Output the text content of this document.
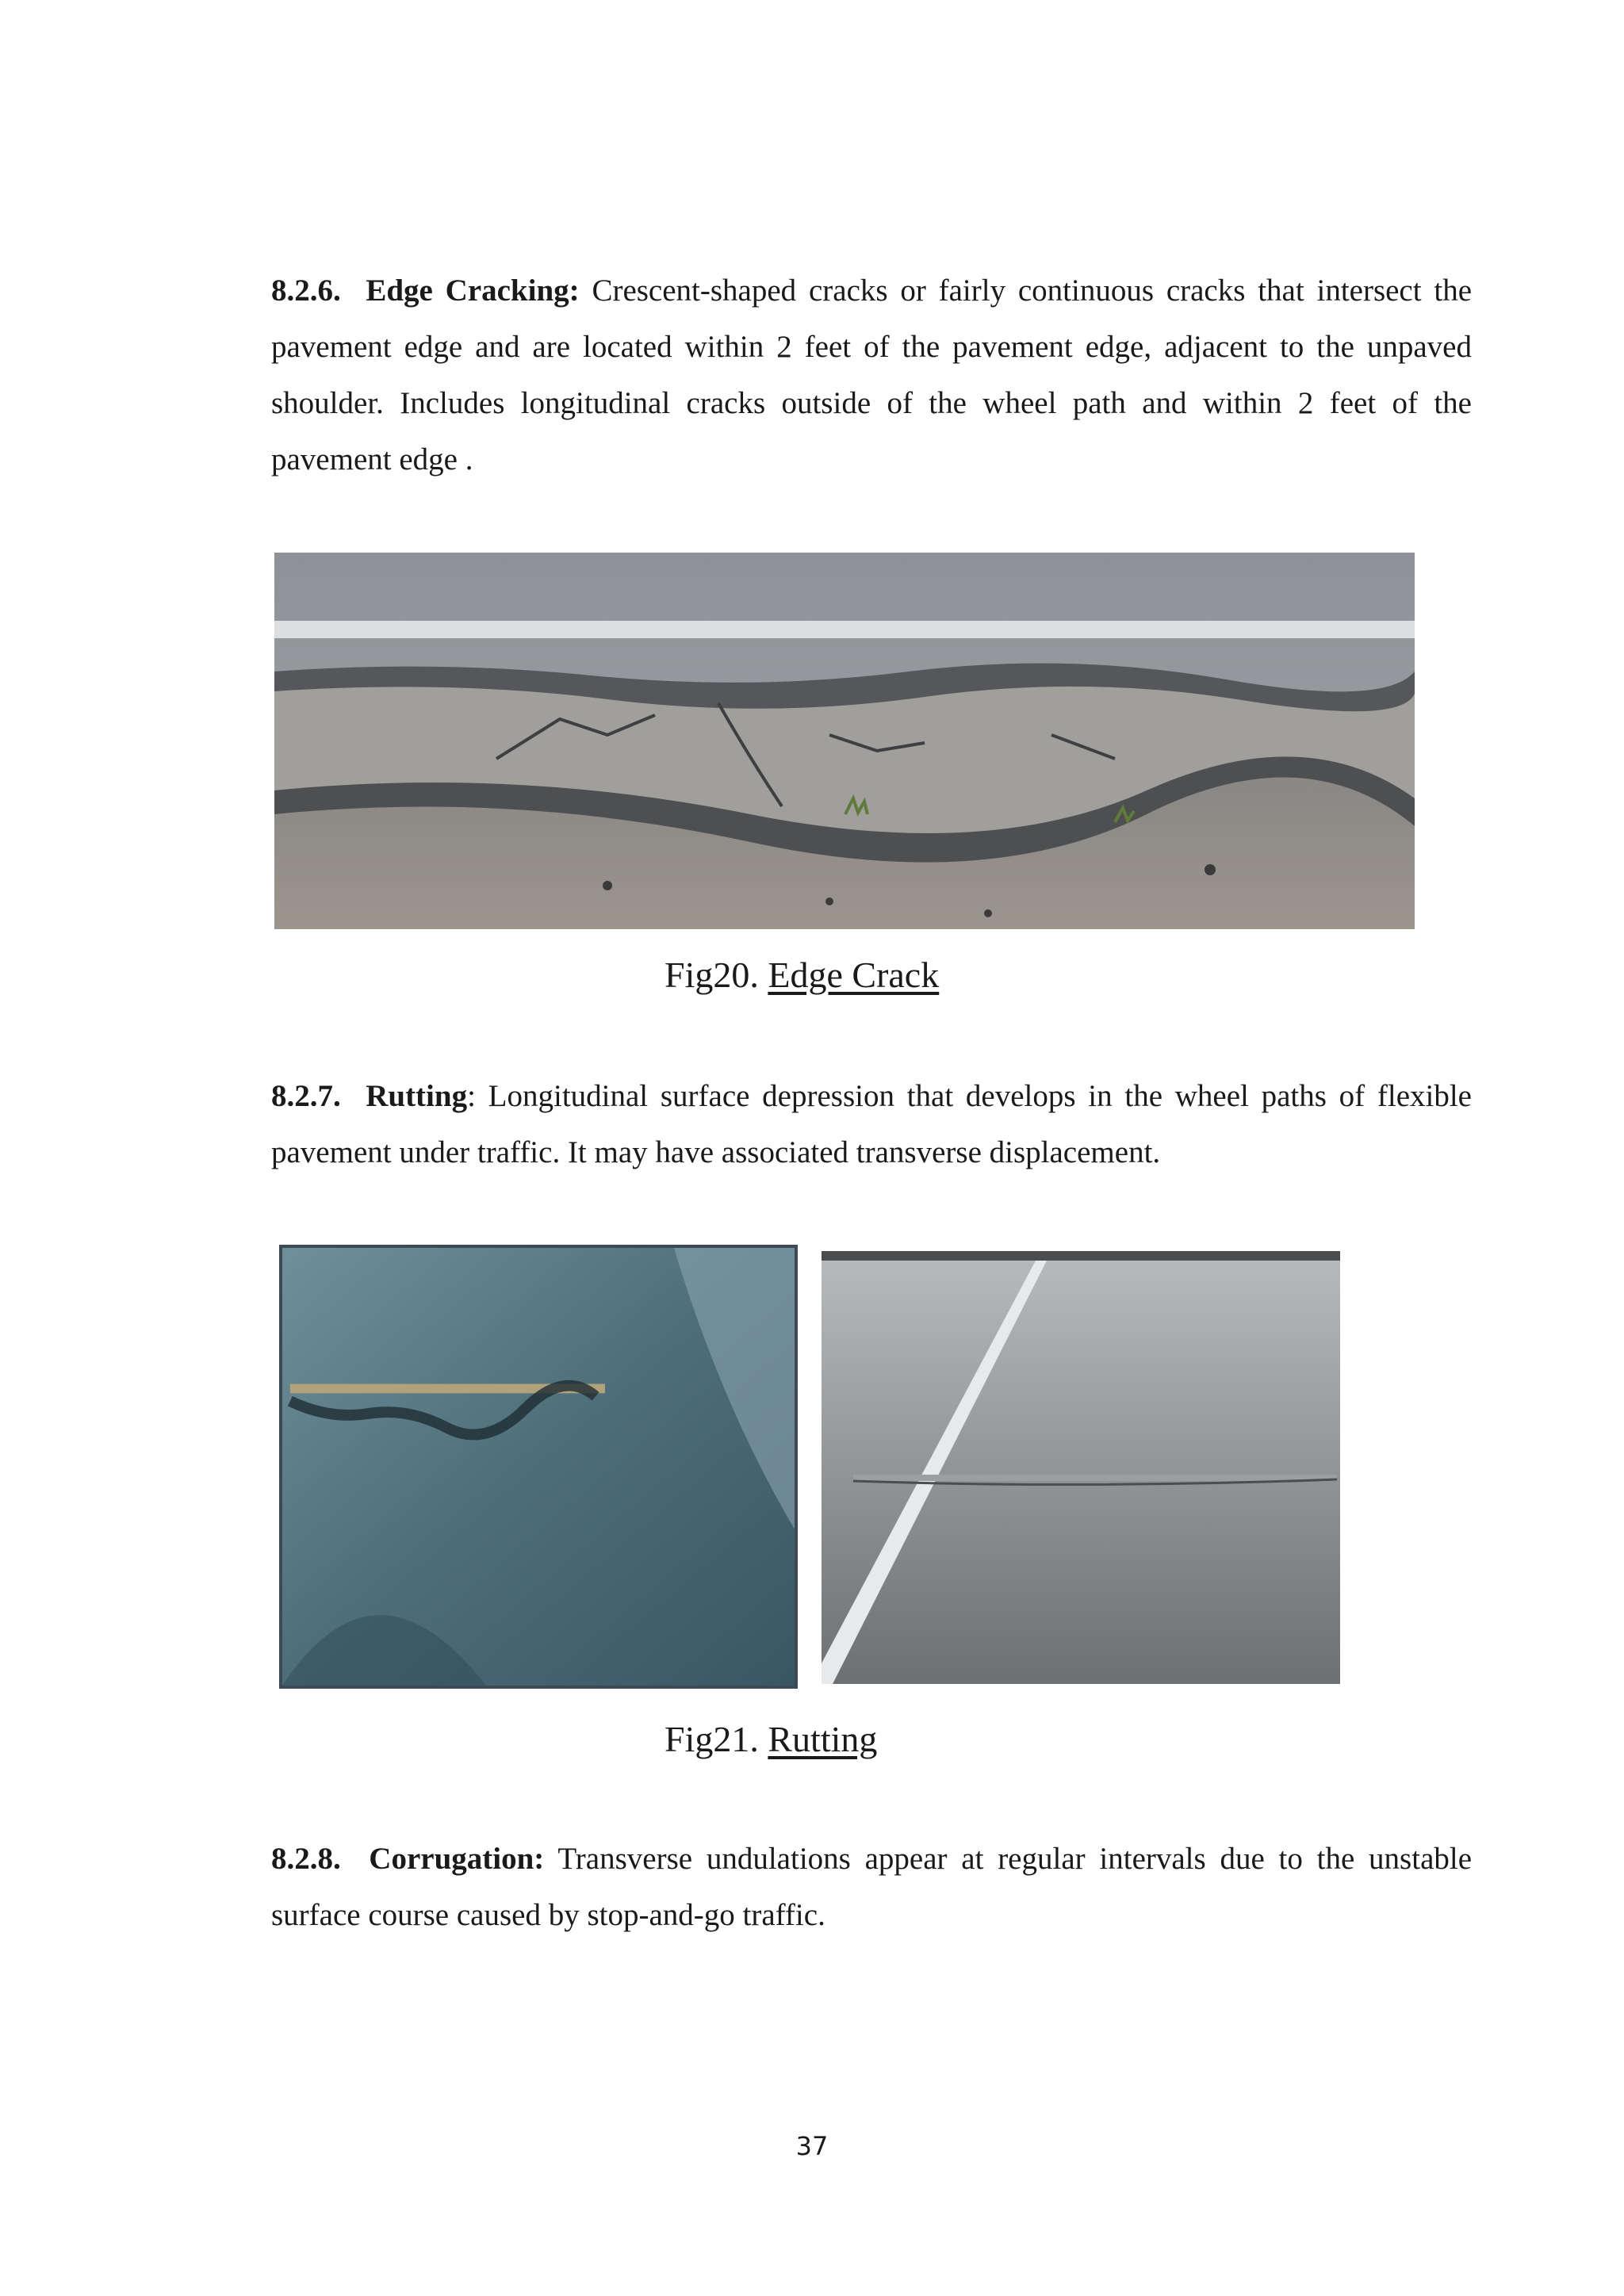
8.2.6. Edge Cracking: Crescent-shaped cracks or fairly continuous cracks that intersect the pavement edge and are located within 2 feet of the pavement edge, adjacent to the unpaved shoulder. Includes longitudinal cracks outside of the wheel path and within 2 feet of the pavement edge .

Fig20. Edge Crack

8.2.7. Rutting: Longitudinal surface depression that develops in the wheel paths of flexible pavement under traffic. It may have associated transverse displacement.

Fig21. Rutting

8.2.8. Corrugation: Transverse undulations appear at regular intervals due to the unstable surface course caused by stop-and-go traffic.

37
